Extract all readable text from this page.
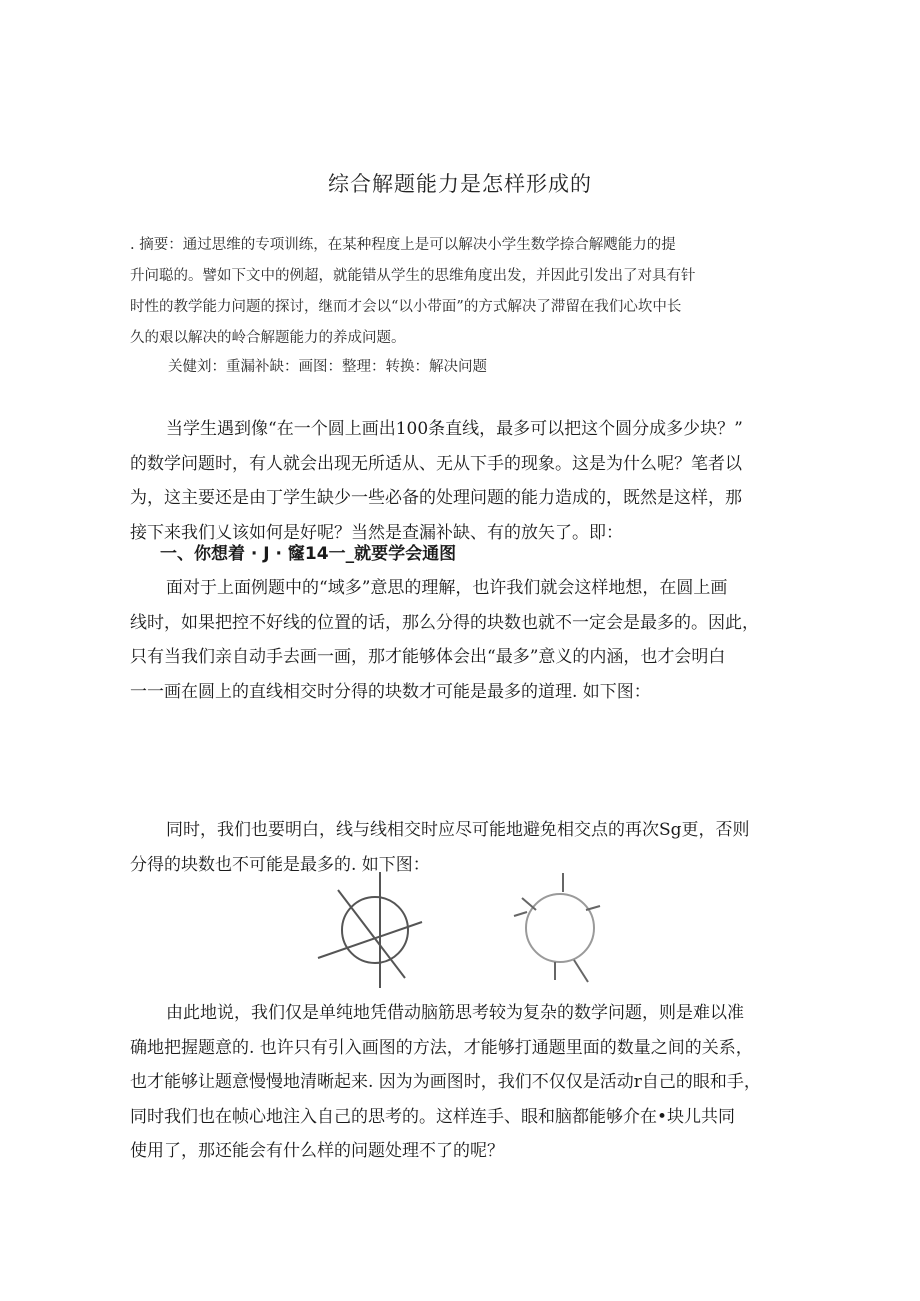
综合解题能力是怎样形成的
. 摘要：通过思维的专项训练，在某种程度上是可以解决小学生数学捺合解飕能力的提
升问聪的。譬如下文中的例超，就能错从学生的思维角度出发，并因此引发出了对具有针
时性的教学能力问题的探讨，继而才会以“以小带面”的方式解决了滞留在我们心坎中长
久的艰以解决的岭合解题能力的养成问题。
关健刘：重漏补缺：画图：整理：转换：解决问题
当学生遇到像“在一个圆上画出100条直线，最多可以把这个圆分成多少块？”
的数学问题时，有人就会出现无所适从、无从下手的现象。这是为什么呢？笔者以
为，这主要还是由丁学生缺少一些必备的处理问题的能力造成的，既然是这样，那
接下来我们乂该如何是好呢？当然是查漏补缺、有的放矢了。即：
一、你想着 · J · 窿14一_就要学会通图
面对于上面例题中的“域多”意思的理解，也许我们就会这样地想，在圆上画
线时，如果把控不好线的位置的话，那么分得的块数也就不一定会是最多的。因此，
只有当我们亲自动手去画一画，那才能够体会出“最多”意义的内涵，也才会明白
一一画在圆上的直线相交时分得的块数才可能是最多的道理. 如下图：
同时，我们也要明白，线与线相交时应尽可能地避免相交点的再次Sg更，否则
分得的块数也不可能是最多的. 如下图：
由此地说，我们仅是单纯地凭借动脑筋思考较为复杂的数学问题，则是难以准
确地把握题意的. 也许只有引入画图的方法，才能够打通题里面的数量之间的关系，
也才能够让题意慢慢地清晰起来. 因为为画图时，我们不仅仅是活动r自己的眼和手，
同时我们也在帧心地注入自己的思考的。这样连手、眼和脑都能够介在•块儿共同
使用了，那还能会有什么样的问题处理不了的呢？
